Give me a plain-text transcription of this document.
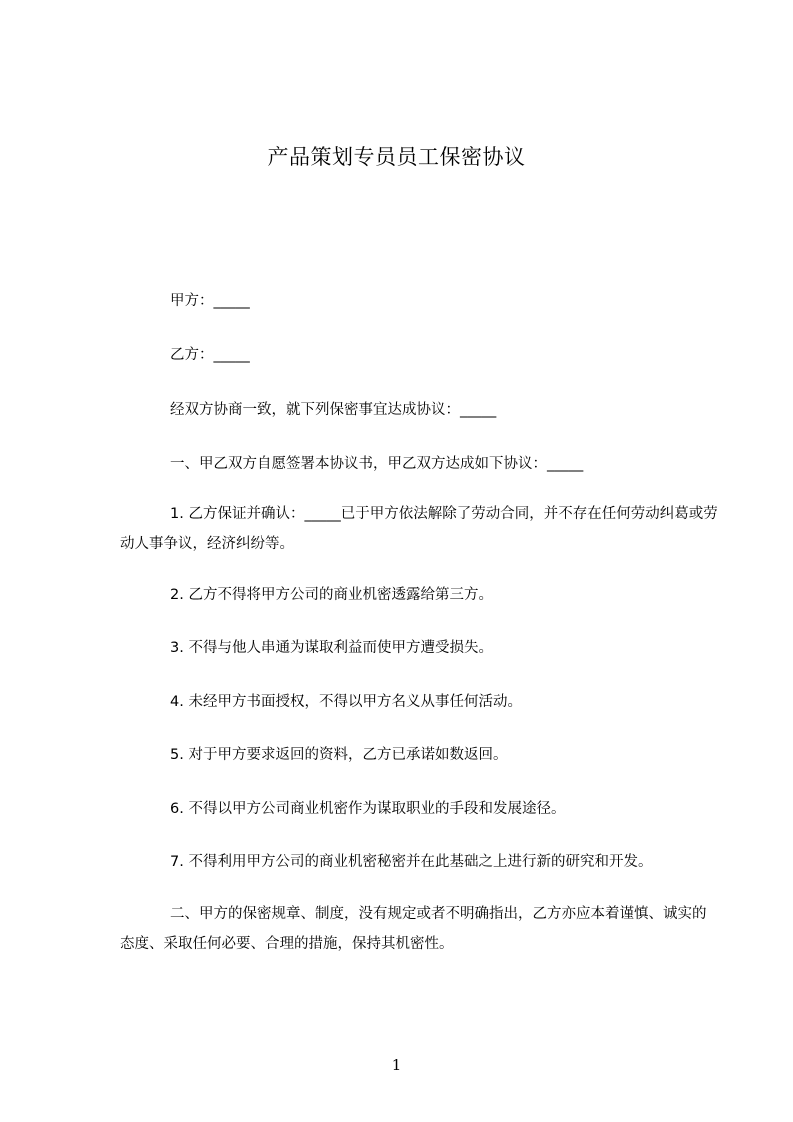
产品策划专员员工保密协议
甲方：_____
乙方：_____
经双方协商一致，就下列保密事宜达成协议：_____
一、甲乙双方自愿签署本协议书，甲乙双方达成如下协议：_____
1. 乙方保证并确认：_____已于甲方依法解除了劳动合同，并不存在任何劳动纠葛或劳动人事争议，经济纠纷等。
2. 乙方不得将甲方公司的商业机密透露给第三方。
3. 不得与他人串通为谋取利益而使甲方遭受损失。
4. 未经甲方书面授权，不得以甲方名义从事任何活动。
5. 对于甲方要求返回的资料，乙方已承诺如数返回。
6. 不得以甲方公司商业机密作为谋取职业的手段和发展途径。
7. 不得利用甲方公司的商业机密秘密并在此基础之上进行新的研究和开发。
二、甲方的保密规章、制度，没有规定或者不明确指出，乙方亦应本着谨慎、诚实的态度、采取任何必要、合理的措施，保持其机密性。
1
